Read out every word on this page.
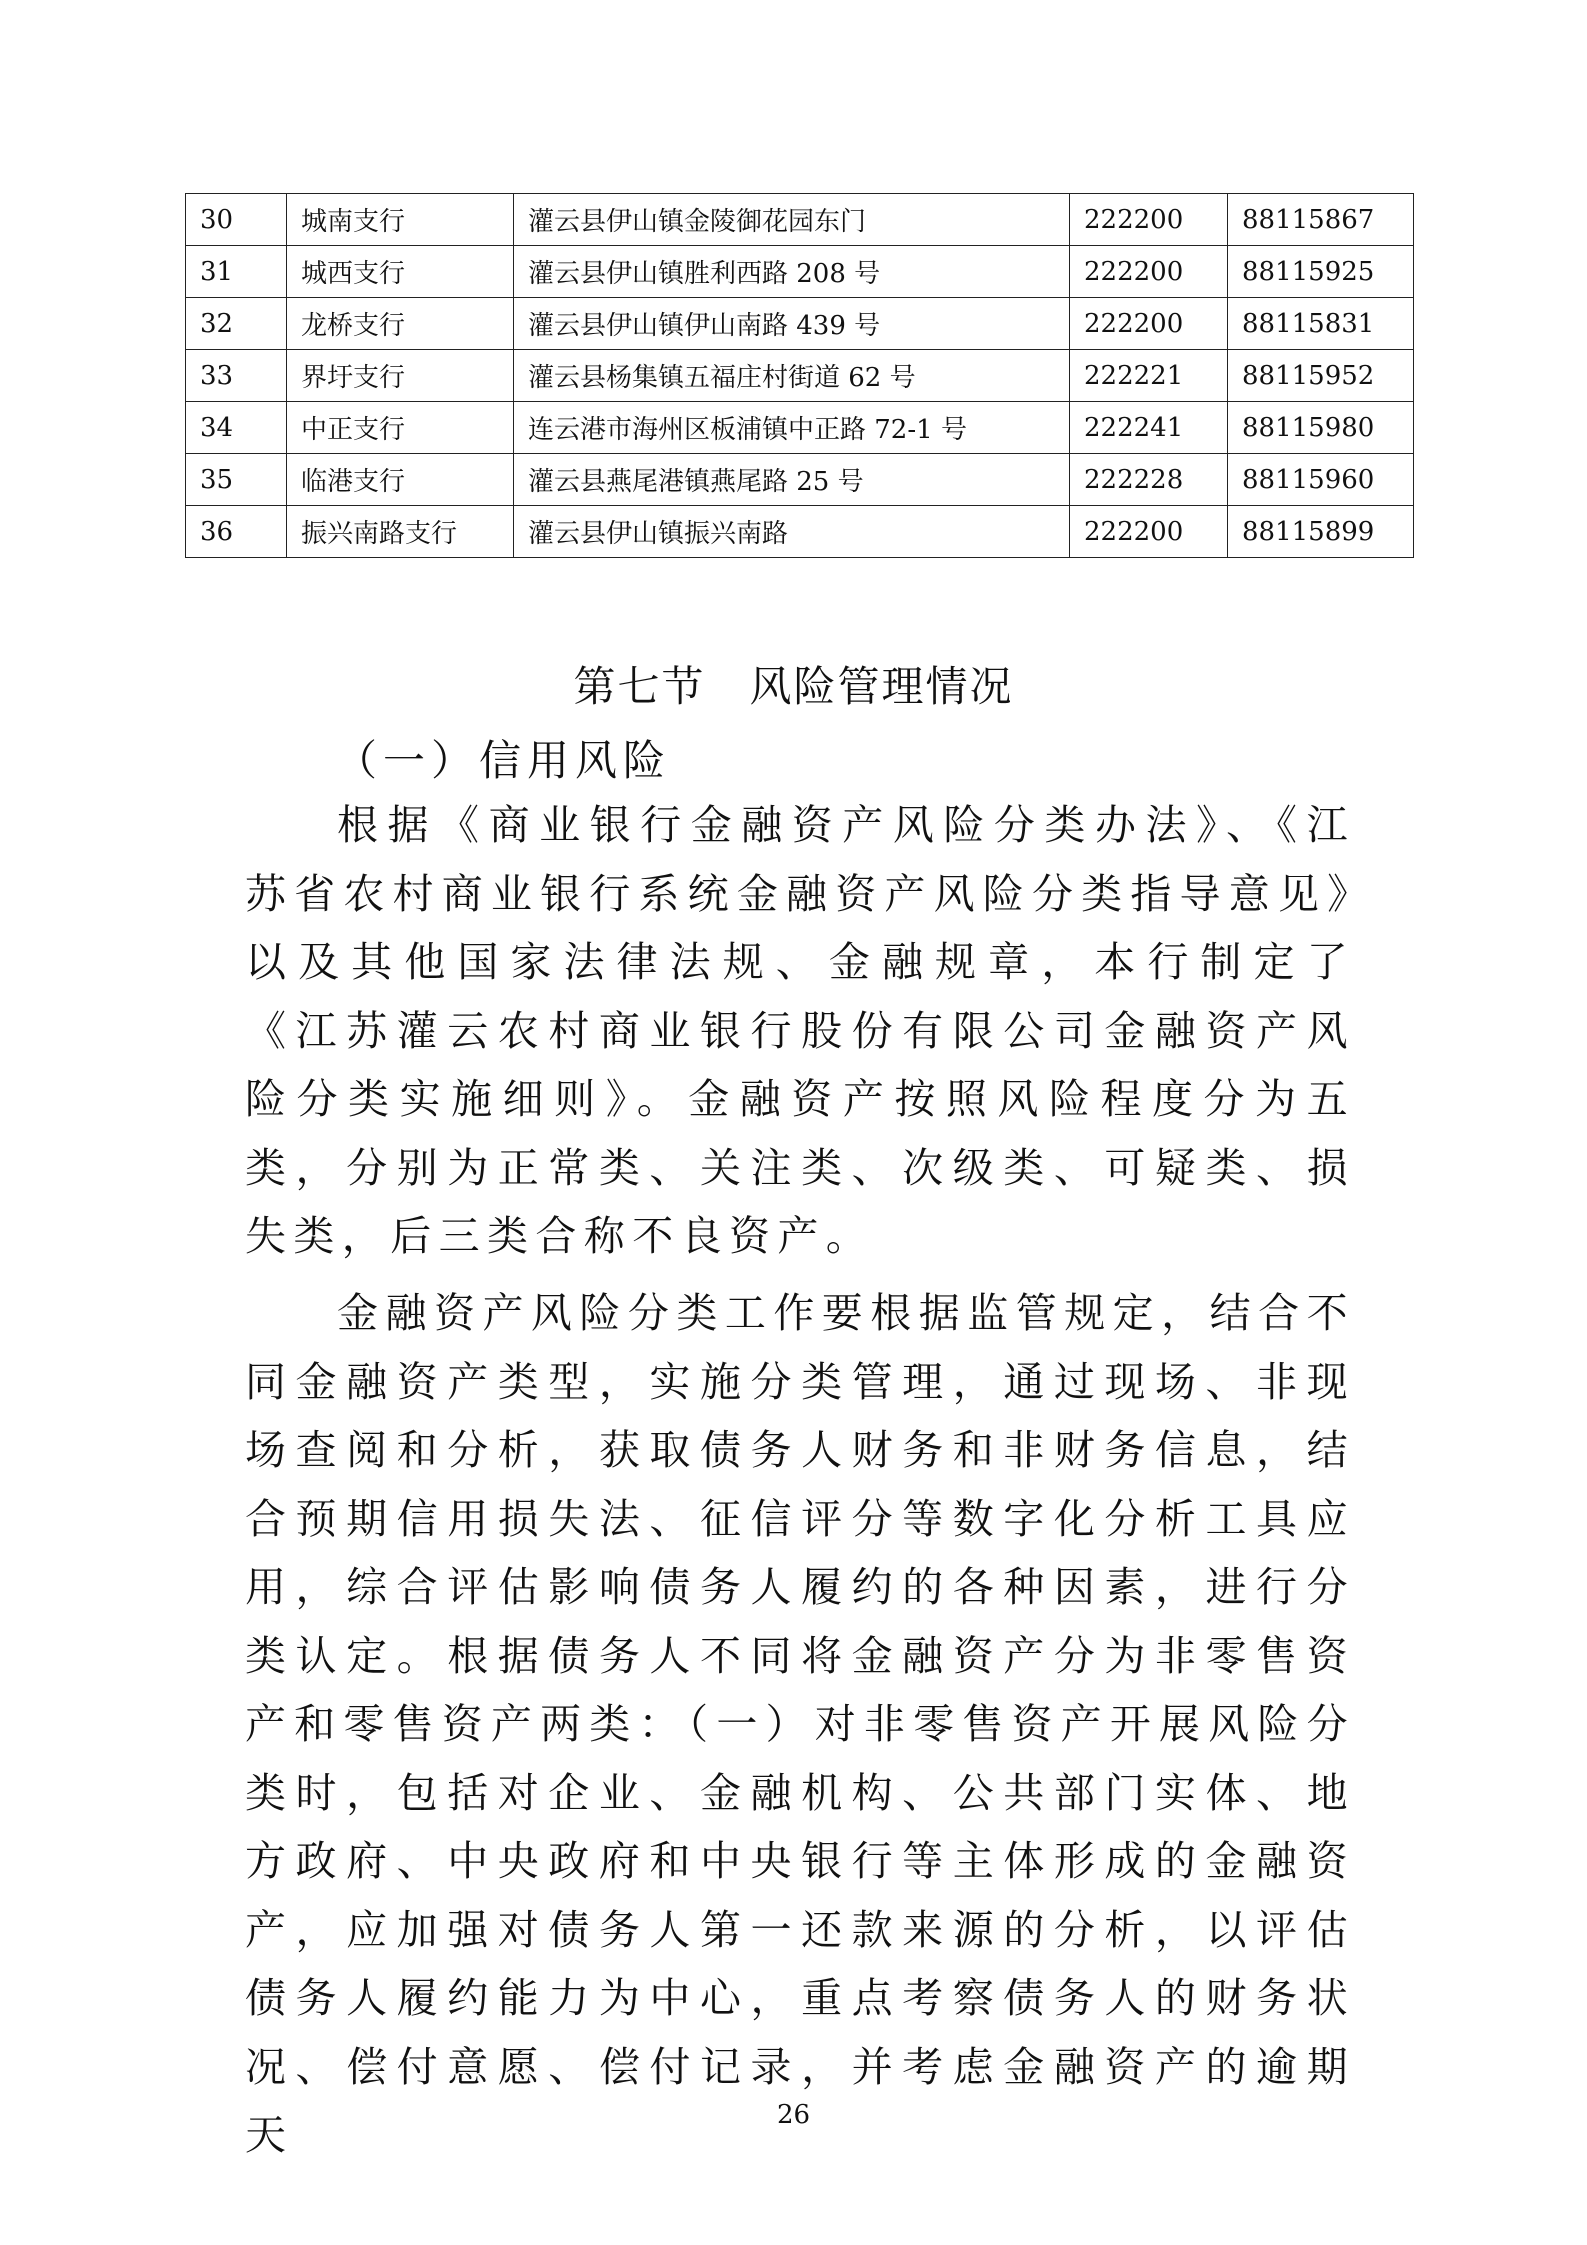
30	城南支行	灌云县伊山镇金陵御花园东门	222200	88115867
31	城西支行	灌云县伊山镇胜利西路 208 号	222200	88115925
32	龙桥支行	灌云县伊山镇伊山南路 439 号	222200	88115831
33	界圩支行	灌云县杨集镇五福庄村街道 62 号	222221	88115952
34	中正支行	连云港市海州区板浦镇中正路 72-1 号	222241	88115980
35	临港支行	灌云县燕尾港镇燕尾路 25 号	222228	88115960
36	振兴南路支行	灌云县伊山镇振兴南路	222200	88115899
第七节　风险管理情况
（一）信用风险

根据《商业银行金融资产风险分类办法》、《江苏省农村商业银行系统金融资产风险分类指导意见》以及其他国家法律法规、金融规章，本行制定了《江苏灌云农村商业银行股份有限公司金融资产风险分类实施细则》。金融资产按照风险程度分为五类，分别为正常类、关注类、次级类、可疑类、损失类，后三类合称不良资产。

金融资产风险分类工作要根据监管规定，结合不同金融资产类型，实施分类管理，通过现场、非现场查阅和分析，获取债务人财务和非财务信息，结合预期信用损失法、征信评分等数字化分析工具应用，综合评估影响债务人履约的各种因素，进行分类认定。根据债务人不同将金融资产分为非零售资产和零售资产两类：（一）对非零售资产开展风险分类时，包括对企业、金融机构、公共部门实体、地方政府、中央政府和中央银行等主体形成的金融资产，应加强对债务人第一还款来源的分析，以评估债务人履约能力为中心，重点考察债务人的财务状况、偿付意愿、偿付记录，并考虑金融资产的逾期天	26
